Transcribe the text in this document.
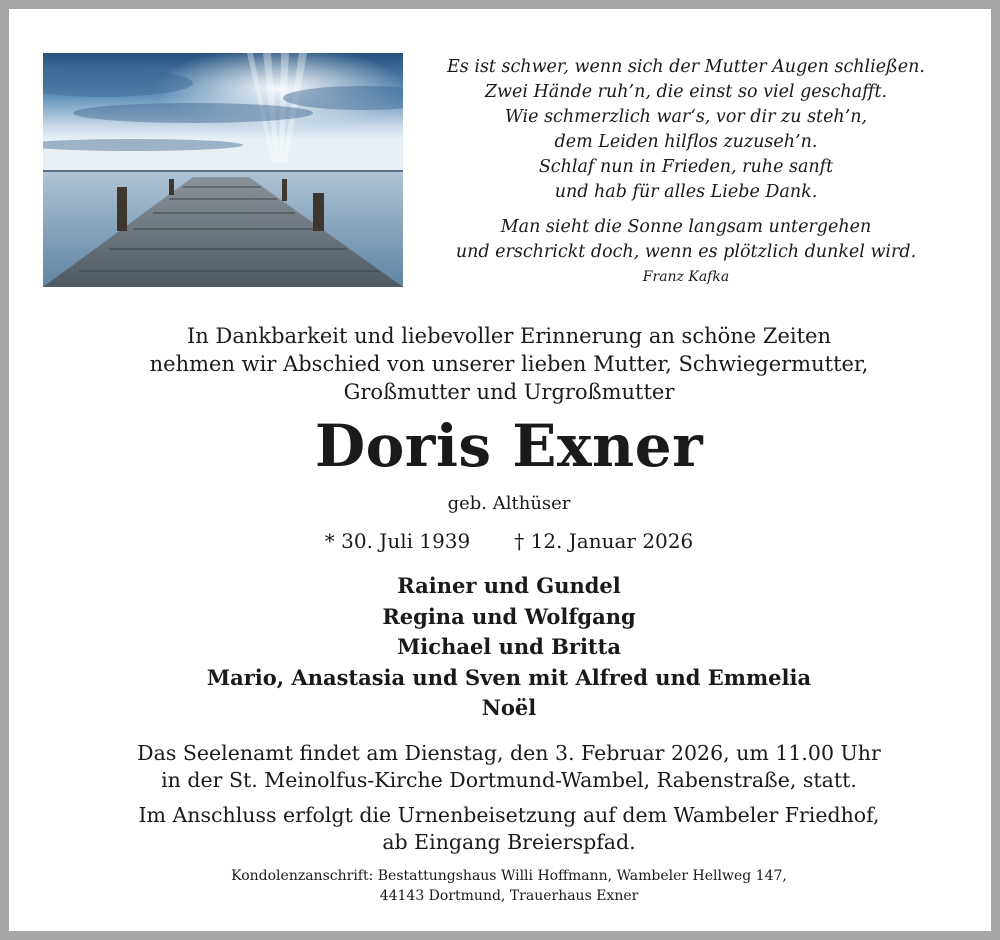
Es ist schwer, wenn sich der Mutter Augen schließen.
Zwei Hände ruh’n, die einst so viel geschafft.
Wie schmerzlich war‘s, vor dir zu steh’n,
dem Leiden hilflos zuzuseh’n.
Schlaf nun in Frieden, ruhe sanft
und hab für alles Liebe Dank.
Man sieht die Sonne langsam untergehen
und erschrickt doch, wenn es plötzlich dunkel wird.
Franz Kafka
In Dankbarkeit und liebevoller Erinnerung an schöne Zeiten
nehmen wir Abschied von unserer lieben Mutter, Schwiegermutter,
Großmutter und Urgroßmutter
Doris Exner
geb. Althüser
* 30. Juli 1939 † 12. Januar 2026
Rainer und Gundel
Regina und Wolfgang
Michael und Britta
Mario, Anastasia und Sven mit Alfred und Emmelia
Noël
Das Seelenamt findet am Dienstag, den 3. Februar 2026, um 11.00 Uhr
in der St. Meinolfus-Kirche Dortmund-Wambel, Rabenstraße, statt.
Im Anschluss erfolgt die Urnenbeisetzung auf dem Wambeler Friedhof,
ab Eingang Breierspfad.
Kondolenzanschrift: Bestattungshaus Willi Hoffmann, Wambeler Hellweg 147,
44143 Dortmund, Trauerhaus Exner
